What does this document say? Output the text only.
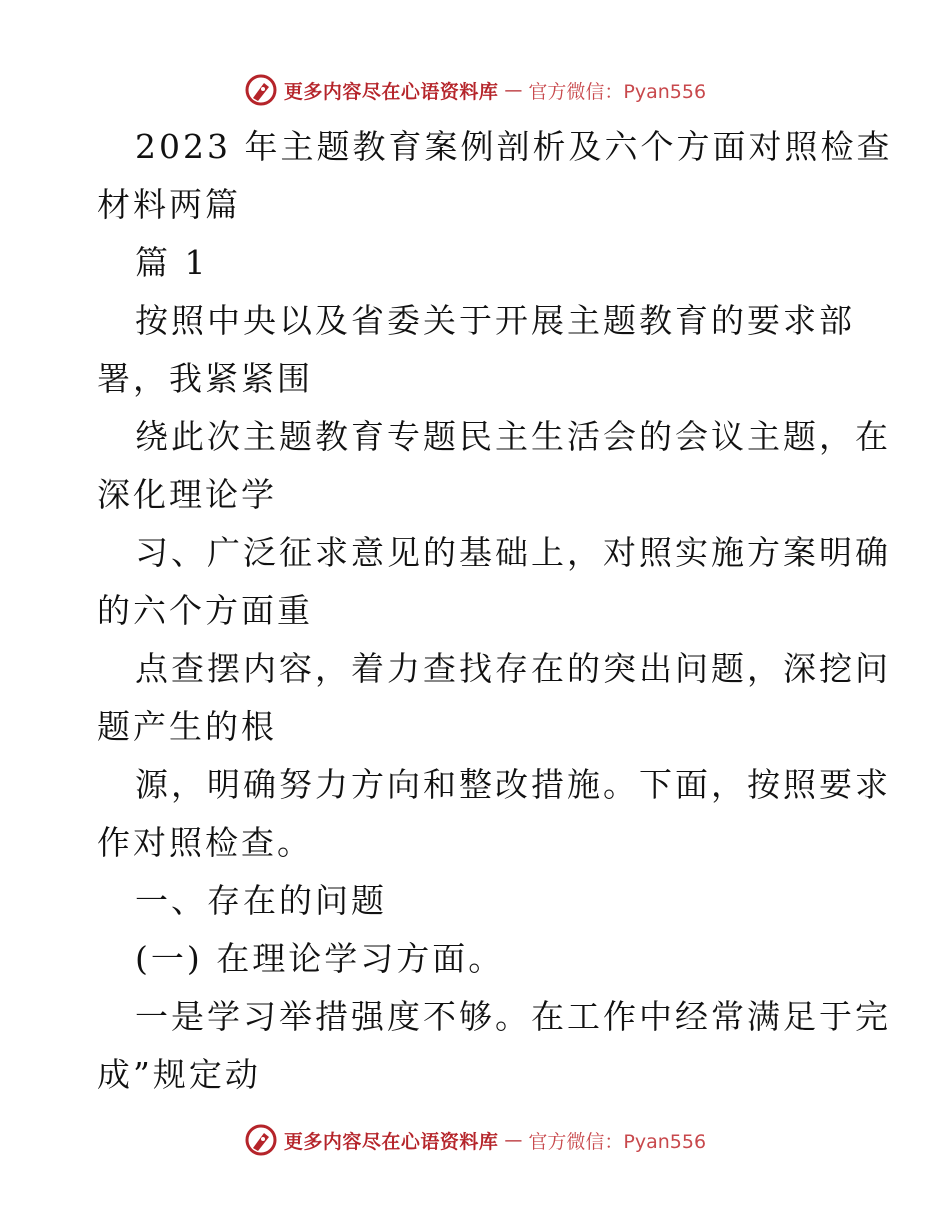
更多内容尽在心语资料库 — 官方微信：Pyan556
2023 年主题教育案例剖析及六个方面对照检查
材料两篇
篇 1
按照中央以及省委关于开展主题教育的要求部
署，我紧紧围
绕此次主题教育专题民主生活会的会议主题，在
深化理论学
习、广泛征求意见的基础上，对照实施方案明确
的六个方面重
点查摆内容，着力查找存在的突出问题，深挖问
题产生的根
源，明确努力方向和整改措施。下面，按照要求
作对照检查。
一、存在的问题
(一) 在理论学习方面。
一是学习举措强度不够。在工作中经常满足于完
成”规定动
更多内容尽在心语资料库 — 官方微信：Pyan556
